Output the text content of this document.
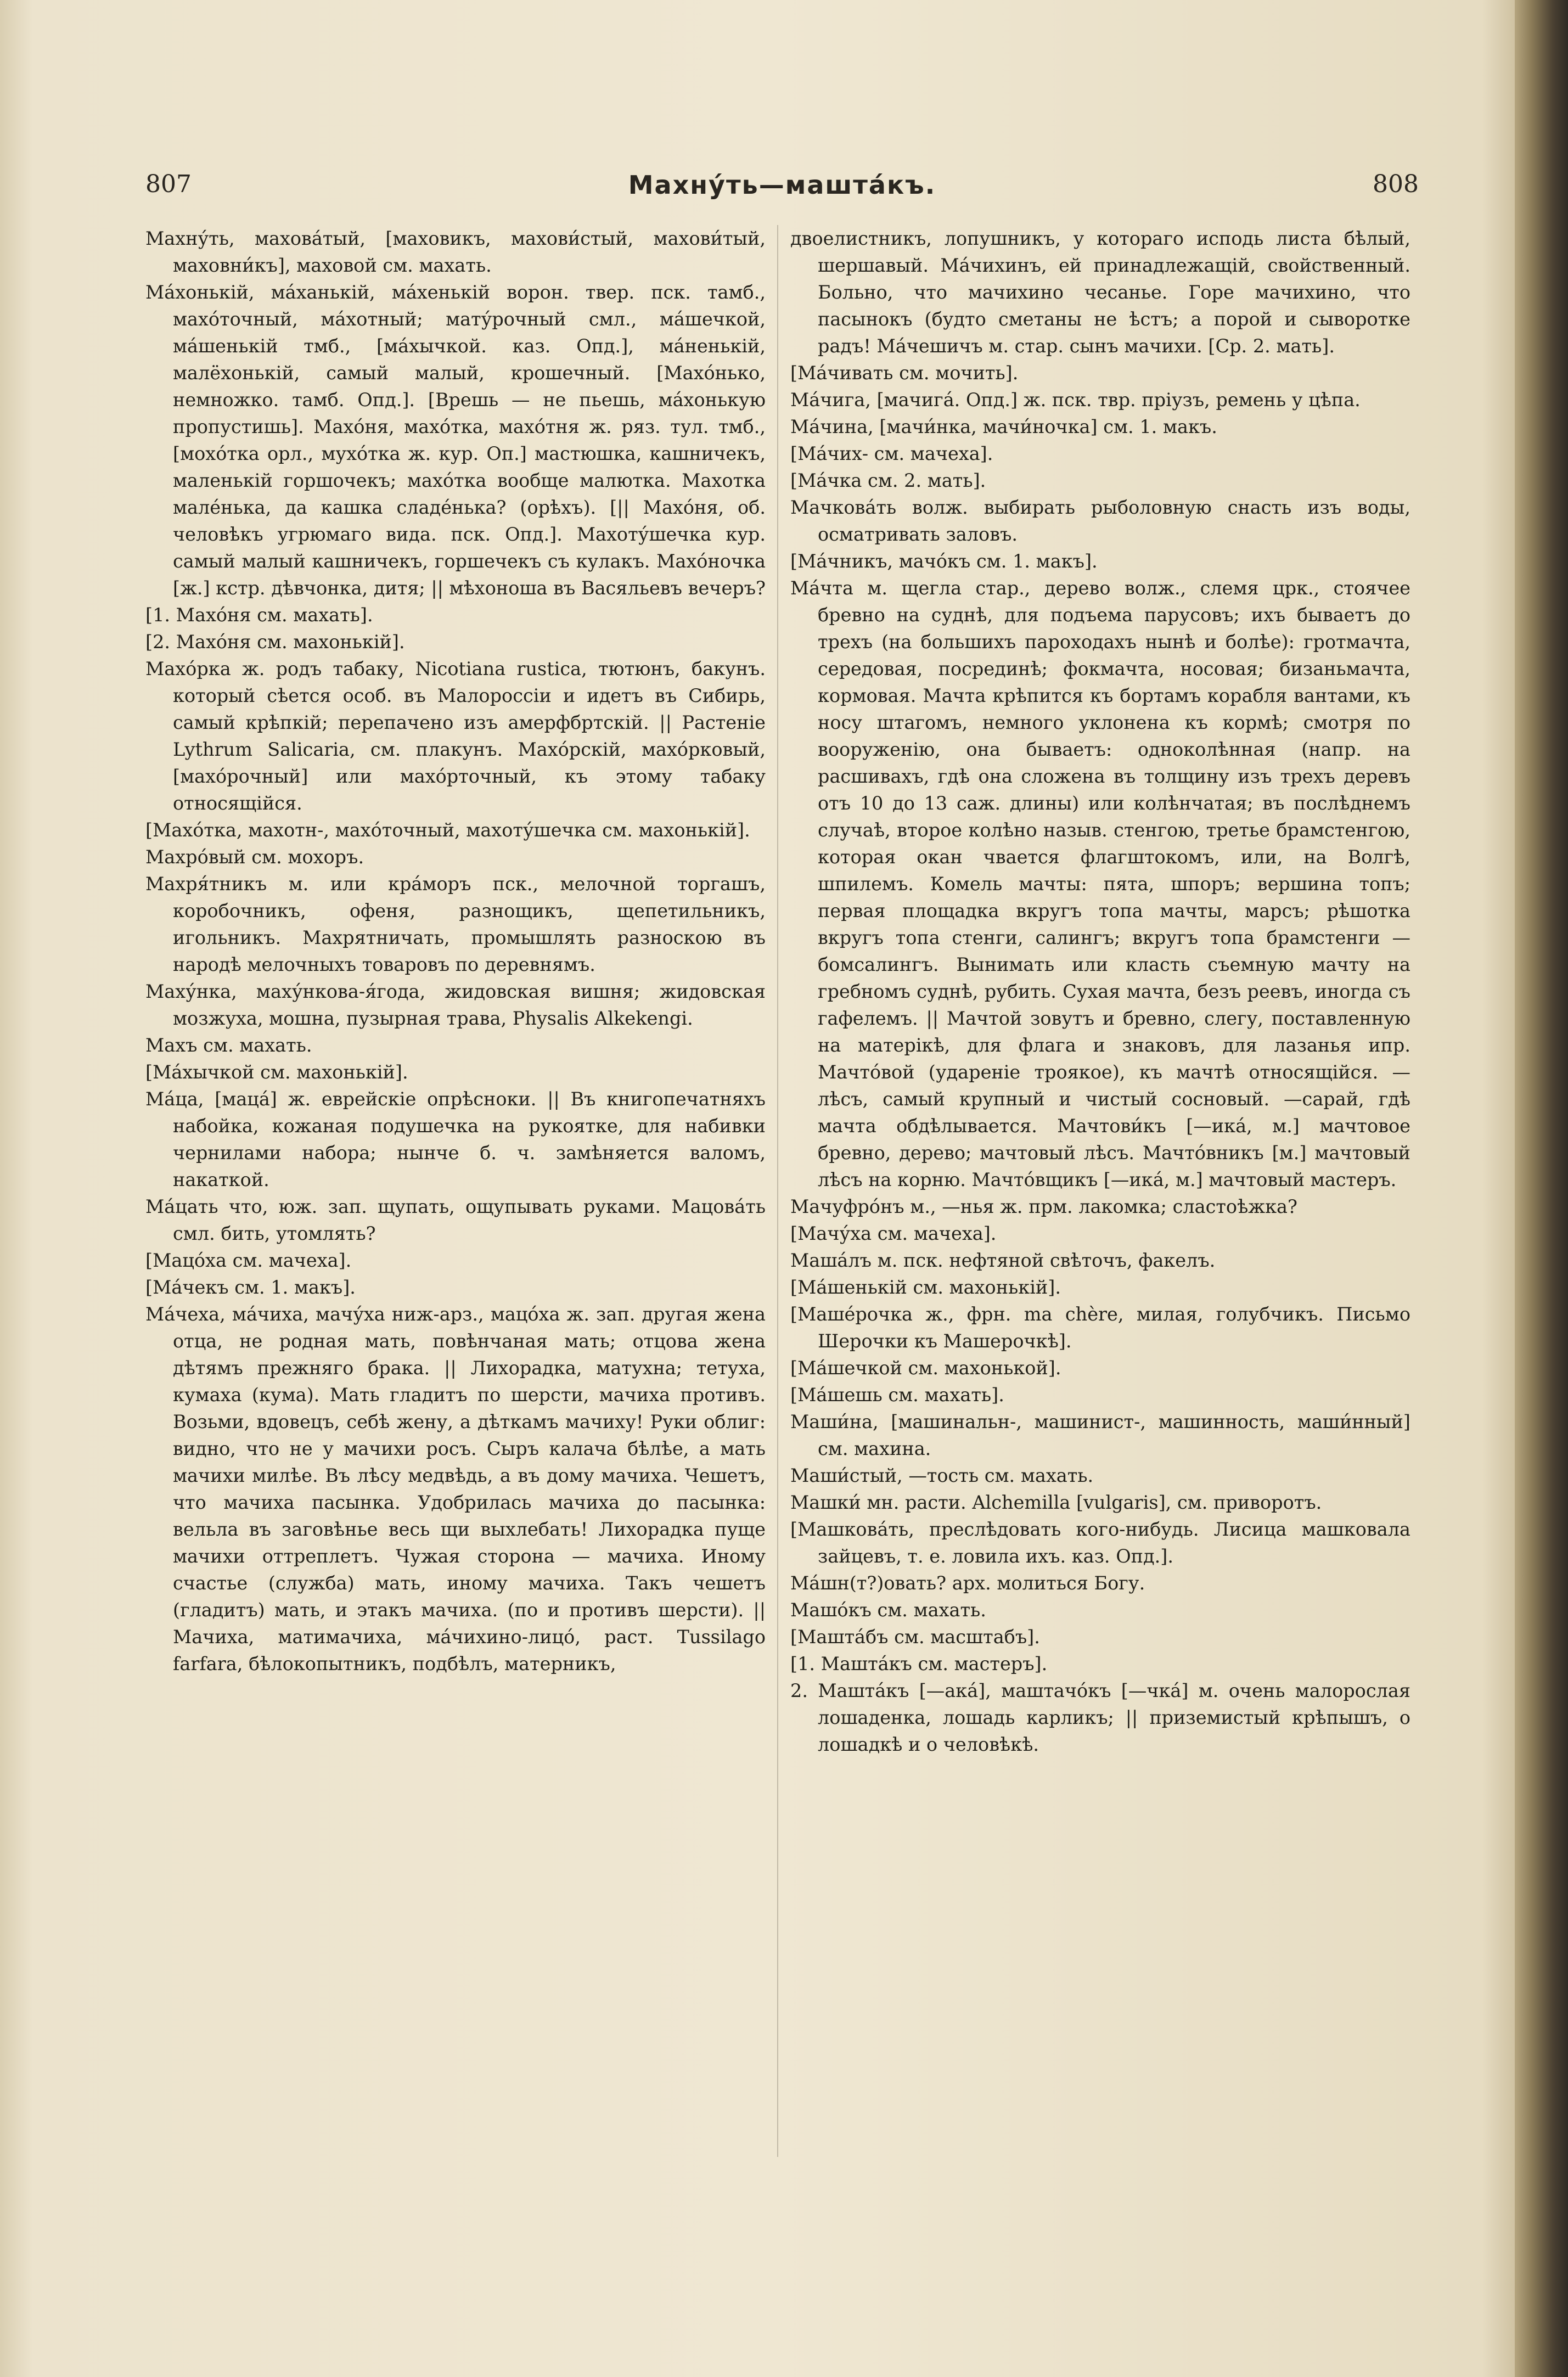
807	Махну́ть—машта́къ.	808

Махну́ть, махова́тый, [маховикъ, махови́стый, махови́тый, маховни́къ], маховой см. махать.

Ма́хонькій, ма́ханькій, ма́хенькій ворон. твер. пск. тамб., махо́точный, ма́хотный; мату́рочный смл., ма́шечкой, ма́шенькій тмб., [ма́хычкой. каз. Опд.], ма́ненькій, малёхонькій, самый малый, крошечный. [Махо́нько, немножко. тамб. Опд.]. [Врешь — не пьешь, ма́хонькую пропустишь]. Махо́ня, махо́тка, махо́тня ж. ряз. тул. тмб., [мохо́тка орл., мухо́тка ж. кур. Оп.] мастюшка, кашничекъ, маленькій горшочекъ; махо́тка вообще малютка. Махотка мале́нька, да кашка сладе́нька? (орѣхъ). [|| Махо́ня, об. человѣкъ угрюмаго вида. пск. Опд.]. Махоту́шечка кур. самый малый кашничекъ, горшечекъ съ кулакъ. Махо́ночка [ж.] кстр. дѣвчонка, дитя; || мѣхоноша въ Васяльевъ вечеръ?

[1. Махо́ня см. махать].

[2. Махо́ня см. махонькій].

Махо́рка ж. родъ табаку, Nicotiana rustica, тютюнъ, бакунъ. который сѣется особ. въ Малороссіи и идетъ въ Сибирь, самый крѣпкій; перепачено изъ амерфбртскій. || Растеніе Lythrum Salicaria, см. плакунъ. Махо́рскій, махо́рковый, [махо́рочный] или махо́рточный, къ этому табаку относящійся.

[Махо́тка, махотн-, махо́точный, махоту́шечка см. махонькій].

Махро́вый см. мохоръ.

Махря́тникъ м. или кра́моръ пск., мелочной торгашъ, коробочникъ, офеня, разнощикъ, щепетильникъ, игольникъ. Махрятничать, промышлять разноскою въ народѣ мелочныхъ товаровъ по деревнямъ.

Маху́нка, маху́нкова-я́года, жидовская вишня; жидовская мозжуха, мошна, пузырная трава, Physalis Alkekengi.

Махъ см. махать.

[Ма́хычкой см. махонькій].

Ма́ца, [маца́] ж. еврейскіе опрѣсноки. || Въ книгопечатняхъ набойка, кожаная подушечка на рукоятке, для набивки чернилами набора; нынче б. ч. замѣняется валомъ, накаткой.

Ма́цать что, юж. зап. щупать, ощупывать руками. Мацова́ть смл. бить, утомлять?

[Мацо́ха см. мачеха].

[Ма́чекъ см. 1. макъ].

Ма́чеха, ма́чиха, мачу́ха ниж-арз., мацо́ха ж. зап. другая жена отца, не родная мать, повѣнчаная мать; отцова жена дѣтямъ прежняго брака. || Лихорадка, матухна; тетуха, кумаха (кума). Мать гладитъ по шерсти, мачиха противъ. Возьми, вдовецъ, себѣ жену, а дѣткамъ мачиху! Руки облиг: видно, что не у мачихи росъ. Сыръ калача бѣлѣе, а мать мачихи милѣе. Въ лѣсу медвѣдь, а въ дому мачиха. Чешетъ, что мачиха пасынка. Удобрилась мачиха до пасынка: вельла въ заговѣнье весь щи выхлебать! Лихорадка пуще мачихи оттреплетъ. Чужая сторона — мачиха. Иному счастье (служба) мать, иному мачиха. Такъ чешетъ (гладитъ) мать, и этакъ мачиха. (по и противъ шерсти). || Мачиха, матимачиха, ма́чихино-лицо́, раст. Tussilago farfara, бѣлокопытникъ, подбѣлъ, матерникъ,

двоелистникъ, лопушникъ, у котораго исподь листа бѣлый, шершавый. Ма́чихинъ, ей принадлежащій, свойственный. Больно, что мачихино чесанье. Горе мачихино, что пасынокъ (будто сметаны не ѣстъ; а порой и сыворотке радъ! Ма́чешичъ м. стар. сынъ мачихи. [Ср. 2. мать].

[Ма́чивать см. мочить].

Ма́чига, [мачига́. Опд.] ж. пск. твр. пріузъ, ремень у цѣпа.

Ма́чина, [мачи́нка, мачи́ночка] см. 1. макъ.

[Ма́чих- см. мачеха].

[Ма́чка см. 2. мать].

Мачкова́ть волж. выбирать рыболовную снасть изъ воды, осматривать заловъ.

[Ма́чникъ, мачо́къ см. 1. макъ].

Ма́чта м. щегла стар., дерево волж., слемя црк., стоячее бревно на суднѣ, для подъема парусовъ; ихъ бываетъ до трехъ (на большихъ пароходахъ нынѣ и болѣе): гротмачта, середовая, посрединѣ; фокмачта, носовая; бизаньмачта, кормовая. Мачта крѣпится къ бортамъ корабля вантами, къ носу штагомъ, немного уклонена къ кормѣ; смотря по вооруженію, она бываетъ: одноколѣнная (напр. на расшивахъ, гдѣ она сложена въ толщину изъ трехъ деревъ отъ 10 до 13 саж. длины) или колѣнчатая; въ послѣднемъ случаѣ, второе колѣно назыв. стенгою, третье брамстенгою, которая окан чвается флагштокомъ, или, на Волгѣ, шпилемъ. Комель мачты: пята, шпоръ; вершина топъ; первая площадка вкругъ топа мачты, марсъ; рѣшотка вкругъ топа стенги, салингъ; вкругъ топа брамстенги — бомсалингъ. Вынимать или класть съемную мачту на гребномъ суднѣ, рубить. Сухая мачта, безъ реевъ, иногда съ гафелемъ. || Мачтой зовутъ и бревно, слегу, поставленную на матерікѣ, для флага и знаковъ, для лазанья ипр. Мачто́вой (удареніе троякое), къ мачтѣ относящійся. —лѣсъ, самый крупный и чистый сосновый. —сарай, гдѣ мачта обдѣлывается. Мачтови́къ [—ика́, м.] мачтовое бревно, дерево; мачтовый лѣсъ. Мачто́вникъ [м.] мачтовый лѣсъ на корню. Мачто́вщикъ [—ика́, м.] мачтовый мастеръ.

Мачуфро́нъ м., —нья ж. прм. лакомка; сластоѣжка?

[Мачу́ха см. мачеха].

Маша́лъ м. пск. нефтяной свѣточъ, факелъ.

[Ма́шенькій см. махонькій].

[Маше́рочка ж., фрн. ma chère, милая, голубчикъ. Письмо Шерочки къ Машерочкѣ].

[Ма́шечкой см. махонькой].

[Ма́шешь см. махать].

Маши́на, [машинальн-, машинист-, машинность, маши́нный] см. махина.

Маши́стый, —тость см. махать.

Машки́ мн. расти. Alchemilla [vulgaris], см. приворотъ.

[Машкова́ть, преслѣдовать кого-нибудь. Лисица машковала зайцевъ, т. е. ловила ихъ. каз. Опд.].

Ма́шн(т?)овать? арх. молиться Богу.

Машо́къ см. махать.

[Машта́бъ см. масштабъ].

[1. Машта́къ см. мастеръ].

2. Машта́къ [—ака́], маштачо́къ [—чка́] м. очень малорослая лошаденка, лошадь карликъ; || приземистый крѣпышъ, о лошадкѣ и о человѣкѣ.
